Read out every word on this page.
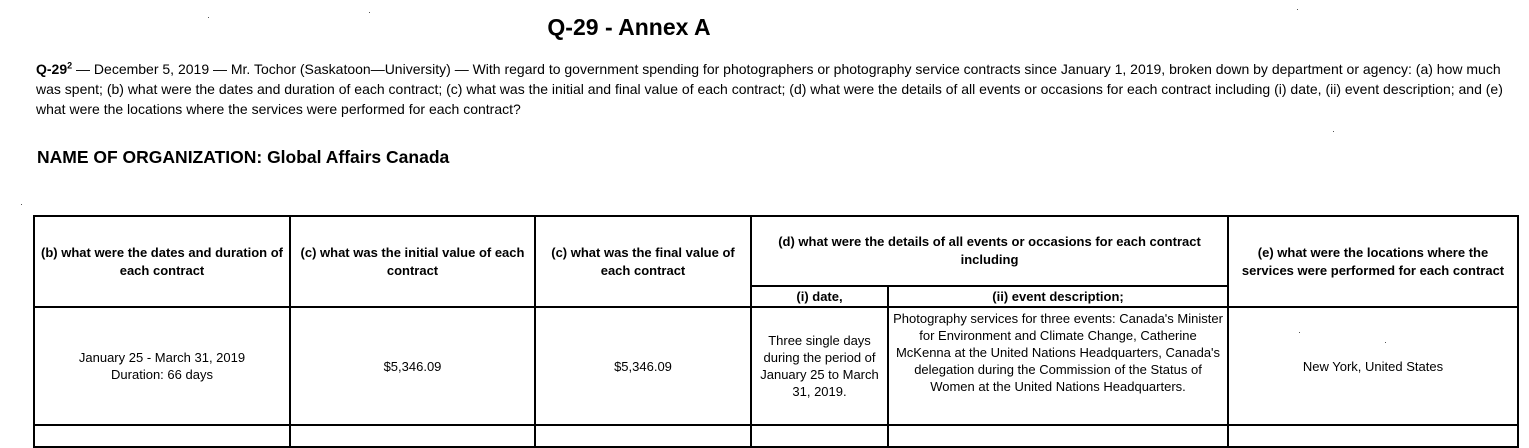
Q-29 - Annex A
$Q-29^2$ — December 5, 2019 — Mr. Tochor (Saskatoon—University) — With regard to government spending for photographers or photography service contracts since January 1, 2019, broken down by department or agency: (a) how much was spent; (b) what were the dates and duration of each contract; (c) what was the initial and final value of each contract; (d) what were the details of all events or occasions for each contract including (i) date, (ii) event description; and (e) what were the locations where the services were performed for each contract?
NAME OF ORGANIZATION: Global Affairs Canada
(b) what were the dates and duration of each contract	(c) what was the initial value of each contract	(c) what was the final value of each contract	(d) what were the details of all events or occasions for each contract including		(e) what were the locations where the services were performed for each contract
			(i) date,	(ii) event description;	

January 25 - March 31, 2019
Duration: 66 days	$5,346.09	$5,346.09	Three single days during the period of January 25 to March 31, 2019.	Photography services for three events: Canada's Minister for Environment and Climate Change, Catherine McKenna at the United Nations Headquarters, Canada's delegation during the Commission of the Status of Women at the United Nations Headquarters.	New York, United States
